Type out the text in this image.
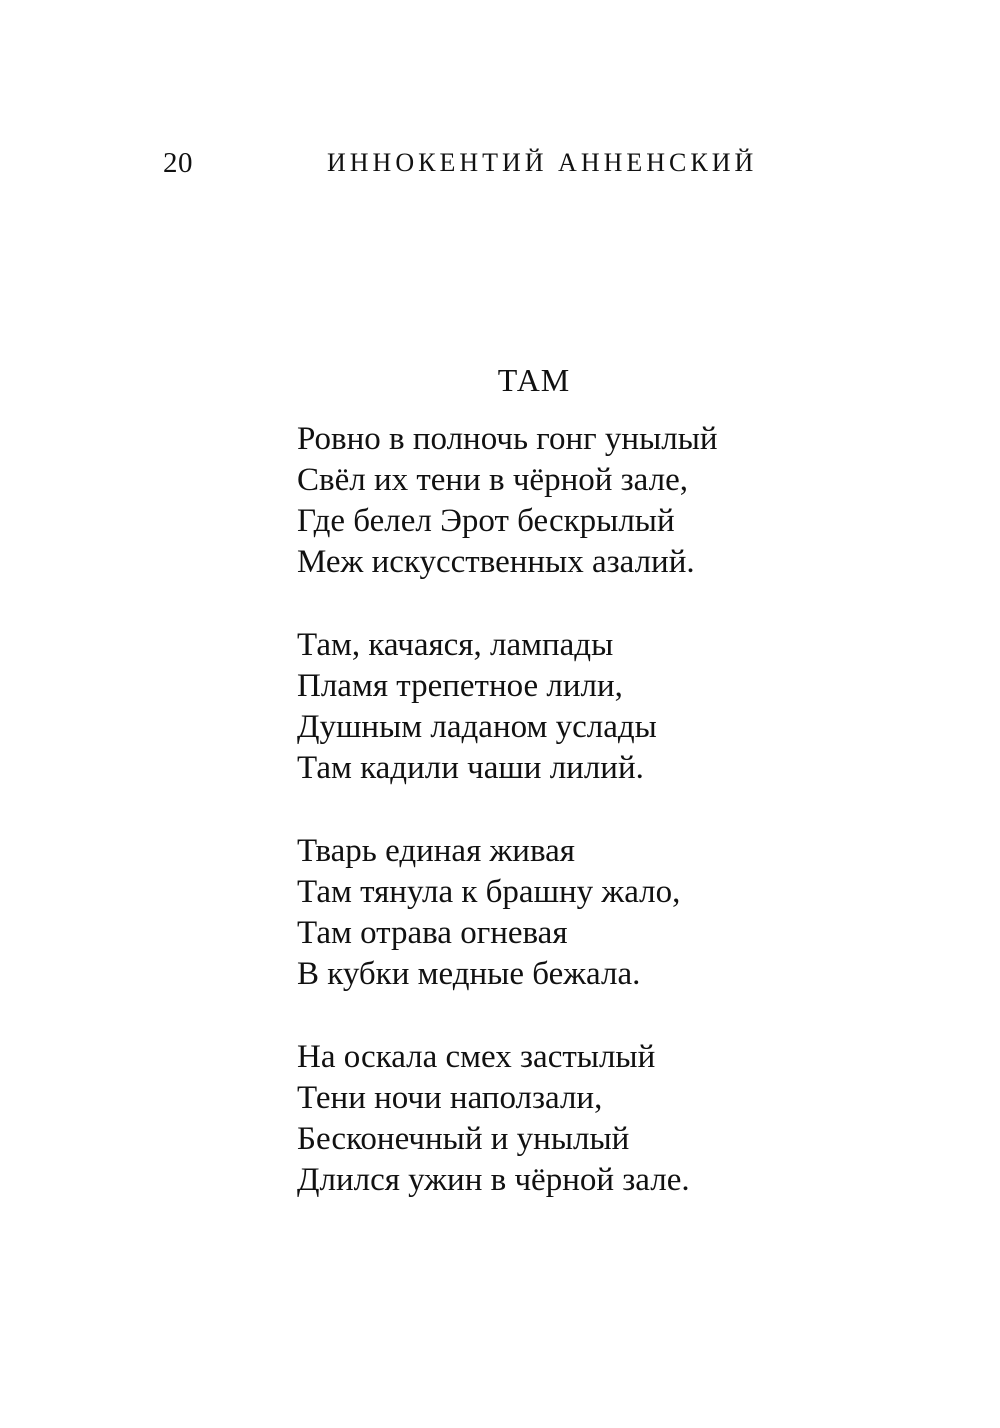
20	ИННОКЕНТИЙ АННЕНСКИЙ
ТАМ
Ровно в полночь гонг унылый
Свёл их тени в чёрной зале,
Где белел Эрот бескрылый
Меж искусственных азалий.
Там, качаяся, лампады
Пламя трепетное лили,
Душным ладаном услады
Там кадили чаши лилий.
Тварь единая живая
Там тянула к брашну жало,
Там отрава огневая
В кубки медные бежала.
На оскала смех застылый
Тени ночи наползали,
Бесконечный и унылый
Длился ужин в чёрной зале.
